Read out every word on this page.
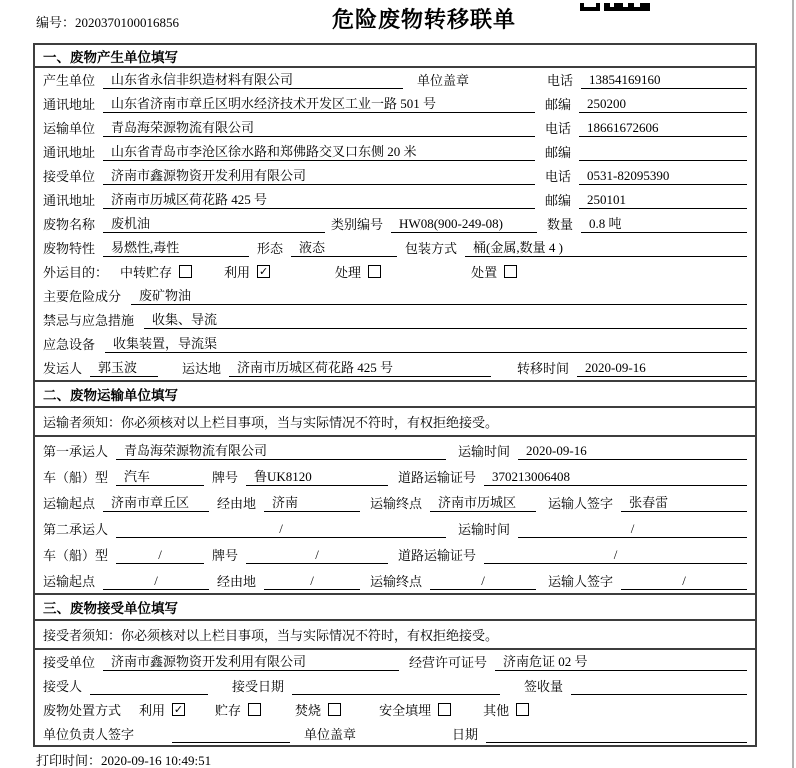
编号：2020370100016856	危险废物转移联单
一、废物产生单位填写
产生单位	山东省永信非织造材料有限公司	单位盖章	电话	13854169160
通讯地址	山东省济南市章丘区明水经济技术开发区工业一路 501 号	邮编	250200
运输单位	青岛海荣源物流有限公司	电话	18661672606
通讯地址	山东省青岛市李沧区徐水路和郑佛路交叉口东侧 20 米	邮编
接受单位	济南市鑫源物资开发利用有限公司	电话	0531-82095390
通讯地址	济南市历城区荷花路 425 号	邮编	250101
废物名称	废机油	类别编号	HW08(900-249-08)	数量	0.8 吨
废物特性	易燃性,毒性	形态	液态	包装方式	桶(金属,数量 4 )
外运目的： 中转贮存	利用 ✓	处理	处置
主要危险成分	废矿物油
禁忌与应急措施	收集、导流
应急设备	收集装置，导流渠
发运人	郭玉波	运达地	济南市历城区荷花路 425 号	转移时间	2020-09-16
二、废物运输单位填写
运输者须知：你必须核对以上栏目事项，当与实际情况不符时，有权拒绝接受。
第一承运人	青岛海荣源物流有限公司	运输时间	2020-09-16
车（船）型	汽车	牌号	鲁UK8120	道路运输证号	370213006408
运输起点	济南市章丘区	经由地	济南	运输终点	济南市历城区	运输人签字	张春雷
第二承运人	/	运输时间	/
车（船）型	/	牌号	/	道路运输证号	/
运输起点	/	经由地	/	运输终点	/	运输人签字	/
三、废物接受单位填写
接受者须知：你必须核对以上栏目事项，当与实际情况不符时，有权拒绝接受。
接受单位	济南市鑫源物资开发利用有限公司	经营许可证号	济南危证 02 号
接受人	接受日期	签收量
废物处置方式 利用 ✓ 贮存	焚烧	安全填埋	其他
单位负责人签字	单位盖章	日期
打印时间：2020-09-16 10:49:51
